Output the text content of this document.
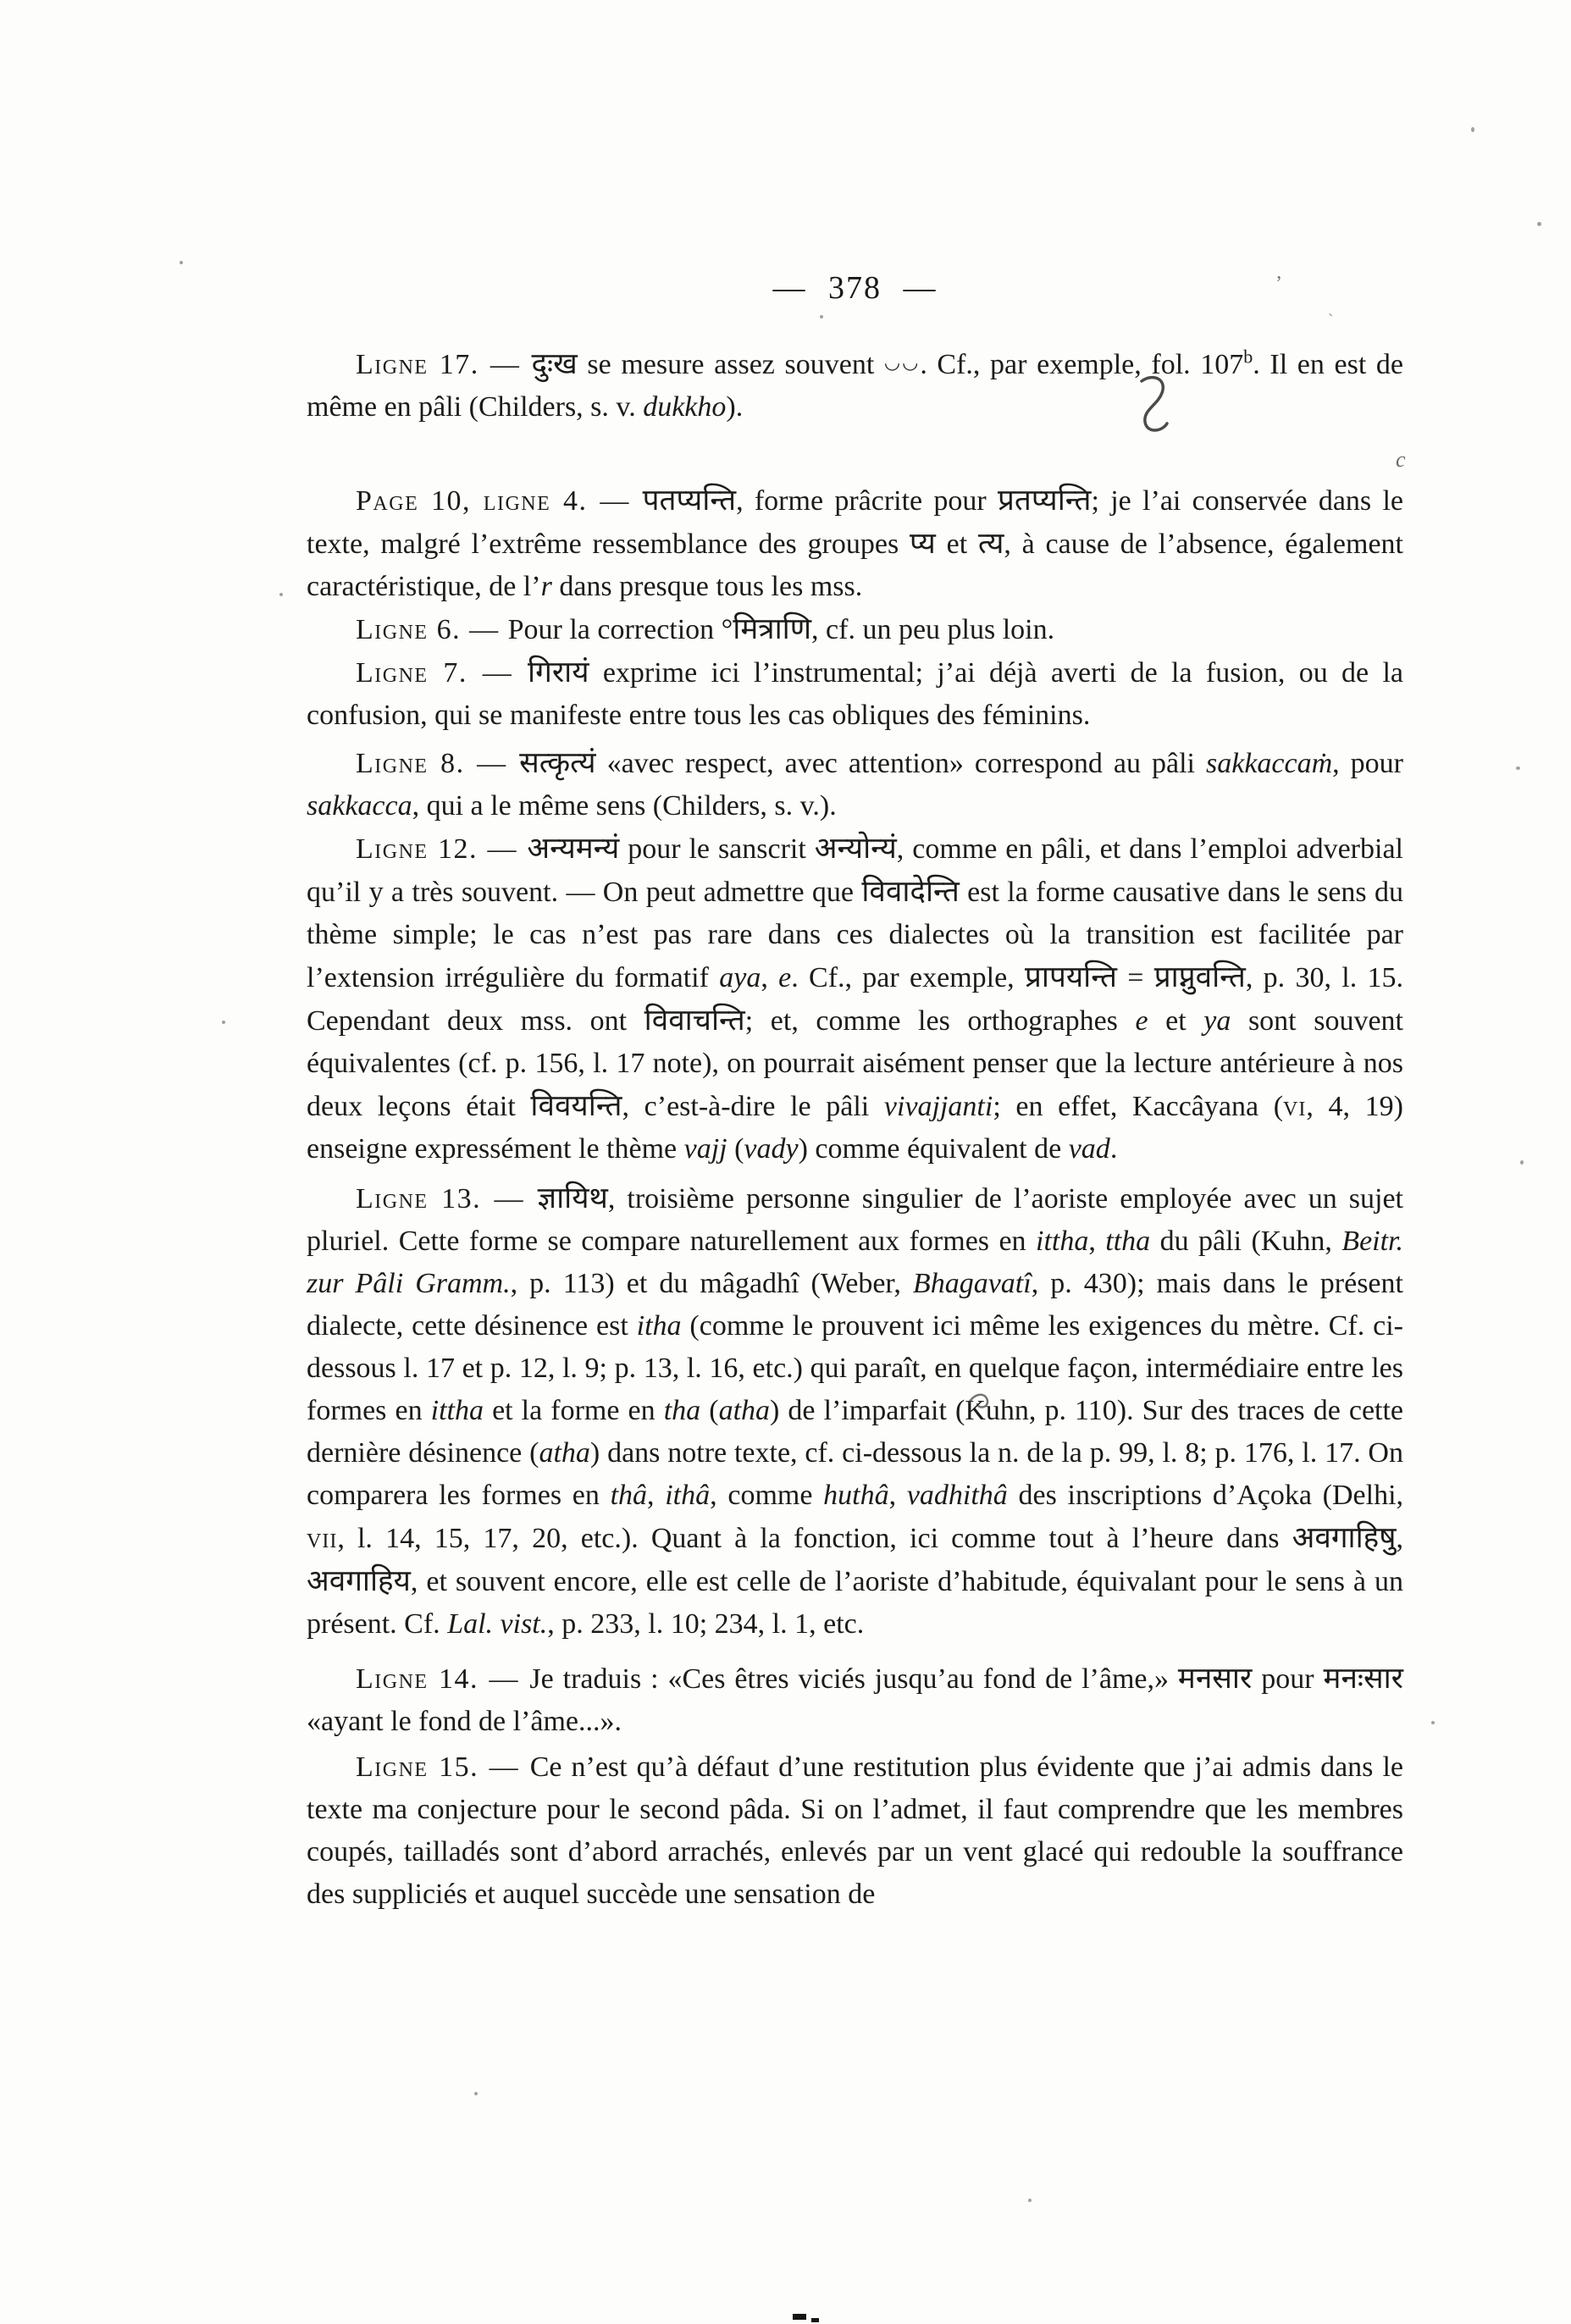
— 378 —

Ligne 17. — दुःख se mesure assez souvent ◡◡. Cf., par exemple, fol. 107$^b$. Il en est de même en pâli (Childers, s. v. dukkho).

Page 10, ligne 4. — पतप्यन्ति, forme prâcrite pour प्रतप्यन्ति; je l’ai conservée dans le texte, malgré l’extrême ressemblance des groupes प्य et त्य, à cause de l’absence, également caractéristique, de l’r dans presque tous les mss.

Ligne 6. — Pour la correction °मित्राणि, cf. un peu plus loin.

Ligne 7. — गिरायं exprime ici l’instrumental; j’ai déjà averti de la fusion, ou de la confusion, qui se manifeste entre tous les cas obliques des féminins.

Ligne 8. — सत्कृत्यं «avec respect, avec attention» correspond au pâli sakkaccaṁ, pour sakkacca, qui a le même sens (Childers, s. v.).

Ligne 12. — अन्यमन्यं pour le sanscrit अन्योन्यं, comme en pâli, et dans l’emploi adverbial qu’il y a très souvent. — On peut admettre que विवादेन्ति est la forme causative dans le sens du thème simple; le cas n’est pas rare dans ces dialectes où la transition est facilitée par l’extension irrégulière du formatif aya, e. Cf., par exemple, प्रापयन्ति = प्राप्नुवन्ति, p. 30, l. 15. Cependant deux mss. ont विवाचन्ति; et, comme les orthographes e et ya sont souvent équivalentes (cf. p. 156, l. 17 note), on pourrait aisément penser que la lecture antérieure à nos deux leçons était विवयन्ति, c’est-à-dire le pâli vivajjanti; en effet, Kaccâyana (vi, 4, 19) enseigne expressément le thème vajj (vady) comme équivalent de vad.

Ligne 13. — ज्ञायिथ, troisième personne singulier de l’aoriste employée avec un sujet pluriel. Cette forme se compare naturellement aux formes en ittha, ttha du pâli (Kuhn, Beitr. zur Pâli Gramm., p. 113) et du mâgadhî (Weber, Bhagavatî, p. 430); mais dans le présent dialecte, cette désinence est itha (comme le prouvent ici même les exigences du mètre. Cf. ci-dessous l. 17 et p. 12, l. 9; p. 13, l. 16, etc.) qui paraît, en quelque façon, intermédiaire entre les formes en ittha et la forme en tha (atha) de l’imparfait (Kuhn, p. 110). Sur des traces de cette dernière désinence (atha) dans notre texte, cf. ci-dessous la n. de la p. 99, l. 8; p. 176, l. 17. On comparera les formes en thâ, ithâ, comme huthâ, vadhithâ des inscriptions d’Açoka (Delhi, vii, l. 14, 15, 17, 20, etc.). Quant à la fonction, ici comme tout à l’heure dans अवगाहिषु, अवगाहिय, et souvent encore, elle est celle de l’aoriste d’habitude, équivalant pour le sens à un présent. Cf. Lal. vist., p. 233, l. 10; 234, l. 1, etc.

Ligne 14. — Je traduis : «Ces êtres viciés jusqu’au fond de l’âme,» मनसार pour मनःसार «ayant le fond de l’âme...».

Ligne 15. — Ce n’est qu’à défaut d’une restitution plus évidente que j’ai admis dans le texte ma conjecture pour le second pâda. Si on l’admet, il faut comprendre que les membres coupés, tailladés sont d’abord arrachés, enlevés par un vent glacé qui redouble la souffrance des suppliciés et auquel succède une sensation de

c
ʼ
ˎ
